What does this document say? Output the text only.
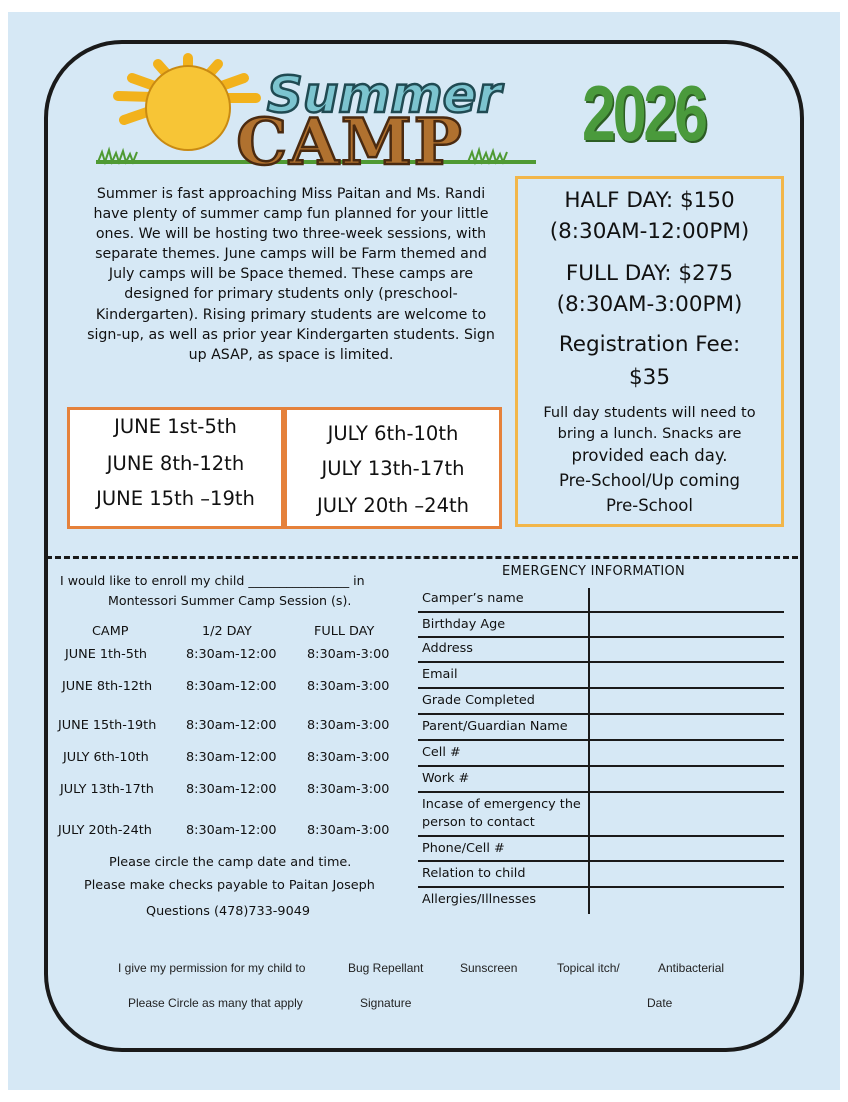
Summer
CAMP 2026
Summer is fast approaching Miss Paitan and Ms. Randi have plenty of summer camp fun planned for your little ones. We will be hosting two three-week sessions, with separate themes. June camps will be Farm themed and July camps will be Space themed. These camps are designed for primary students only (preschool-Kindergarten). Rising primary students are welcome to sign-up, as well as prior year Kindergarten students. Sign up ASAP, as space is limited.
HALF DAY: $150
(8:30AM-12:00PM)
FULL DAY: $275
(8:30AM-3:00PM)
Registration Fee:
$35
Full day students will need to bring a lunch. Snacks are
provided each day.
Pre-School/Up coming
Pre-School
JUNE 1st-5th
JUNE 8th-12th
JUNE 15th –19th
JULY 6th-10th
JULY 13th-17th
JULY 20th –24th
I would like to enroll my child ________________ in
Montessori Summer Camp Session (s).
CAMP	1/2 DAY	FULL DAY
JUNE 1th-5th	8:30am-12:00 8:30am-3:00
JUNE 8th-12th	8:30am-12:00 8:30am-3:00
JUNE 15th-19th 8:30am-12:00 8:30am-3:00
JULY 6th-10th	8:30am-12:00 8:30am-3:00
JULY 13th-17th	8:30am-12:00 8:30am-3:00
JULY 20th-24th	8:30am-12:00 8:30am-3:00
Please circle the camp date and time.
Please make checks payable to Paitan Joseph
Questions (478)733-9049
EMERGENCY INFORMATION
Camper’s name
Birthday Age
Address
Email
Grade Completed
Parent/Guardian Name
Cell #
Work #
Incase of emergency the person to contact
Phone/Cell #
Relation to child
Allergies/Illnesses
I give my permission for my child to	Bug Repellant	Sunscreen	Topical itch/	Antibacterial
Please Circle as many that apply	Signature	Date
